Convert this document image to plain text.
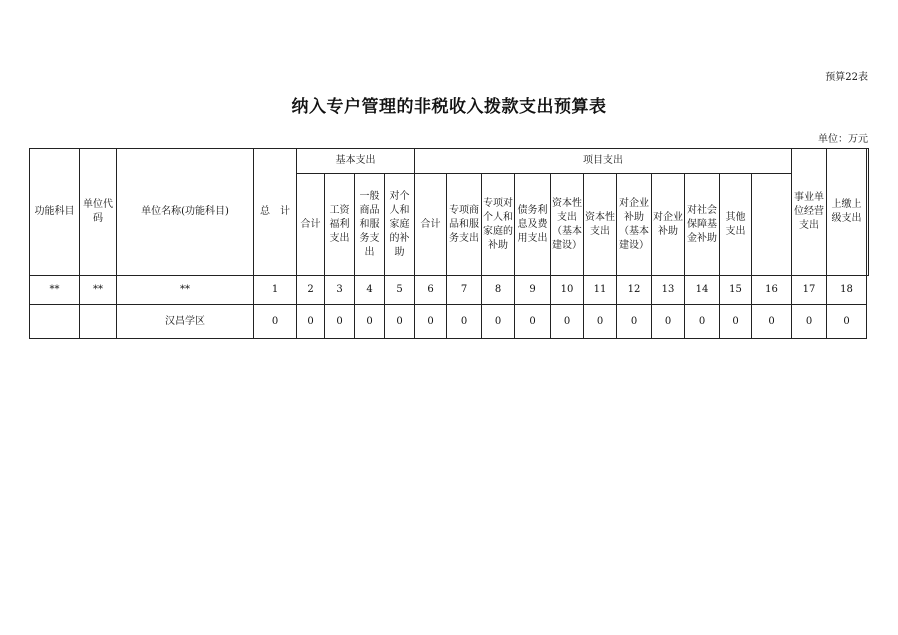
预算22表
纳入专户管理的非税收入拨款支出预算表
单位：万元
功能科目	单位代码	单位名称(功能科目)	总　计	基本支出				项目支出											事业单位经营支出	上缴上级支出	
				合计	工资福利支出	一般商品和服务支出	对个人和家庭的补助	合计	专项商品和服务支出	专项对个人和家庭的补助	债务利息及费用支出	资本性支出（基本建设）	资本性支出	对企业补助（基本建设）	对企业补助	对社会保障基金补助	其他支出				
**	**	**	1	2	3	4	5	6	7	8	9	10	11	12	13	14	15	16	17	18	
		汉昌学区	0	0	0	0	0	0	0	0	0	0	0	0	0	0	0	0	0	0	
